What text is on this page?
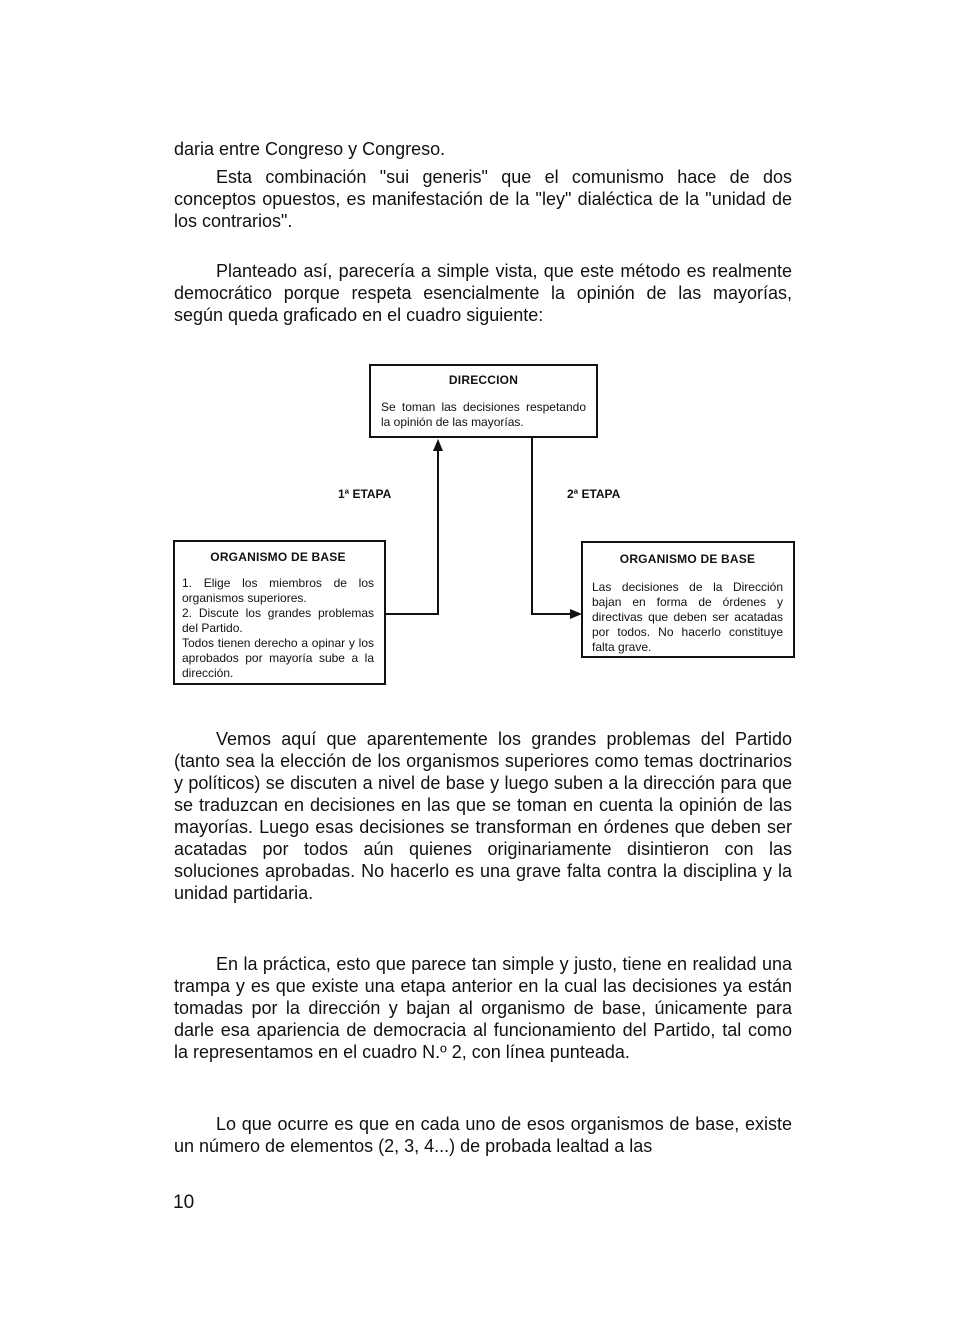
daria entre Congreso y Congreso.

Esta combinación "sui generis" que el comunismo hace de dos conceptos opuestos, es manifestación de la "ley" dialéctica de la "unidad de los contrarios".

Planteado así, parecería a simple vista, que este método es realmente democrático porque respeta esencialmente la opinión de las mayorías, según queda graficado en el cuadro siguiente:

DIRECCION

Se toman las decisiones respetando la opinión de las mayorías.

1ª ETAPA	2ª ETAPA
ORGANISMO DE BASE

1. Elige los miembros de los organismos superiores.

2. Discute los grandes problemas del Partido.

Todos tienen derecho a opinar y los aprobados por mayoría sube a la dirección.

ORGANISMO DE BASE

Las decisiones de la Dirección bajan en forma de órdenes y directivas que deben ser acatadas por todos. No hacerlo constituye falta grave.

Vemos aquí que aparentemente los grandes problemas del Partido (tanto sea la elección de los organismos superiores como temas doctrinarios y políticos) se discuten a nivel de base y luego suben a la dirección para que se traduzcan en decisiones en las que se toman en cuenta la opinión de las mayorías. Luego esas decisiones se transforman en órdenes que deben ser acatadas por todos aún quienes originariamente disintieron con las soluciones aprobadas. No hacerlo es una grave falta contra la disciplina y la unidad partidaria.

En la práctica, esto que parece tan simple y justo, tiene en realidad una trampa y es que existe una etapa anterior en la cual las decisiones ya están tomadas por la dirección y bajan al organismo de base, únicamente para darle esa apariencia de democracia al funcionamiento del Partido, tal como la representamos en el cuadro N.º 2, con línea punteada.

Lo que ocurre es que en cada uno de esos organismos de base, existe un número de elementos (2, 3, 4...) de probada lealtad a las

10
